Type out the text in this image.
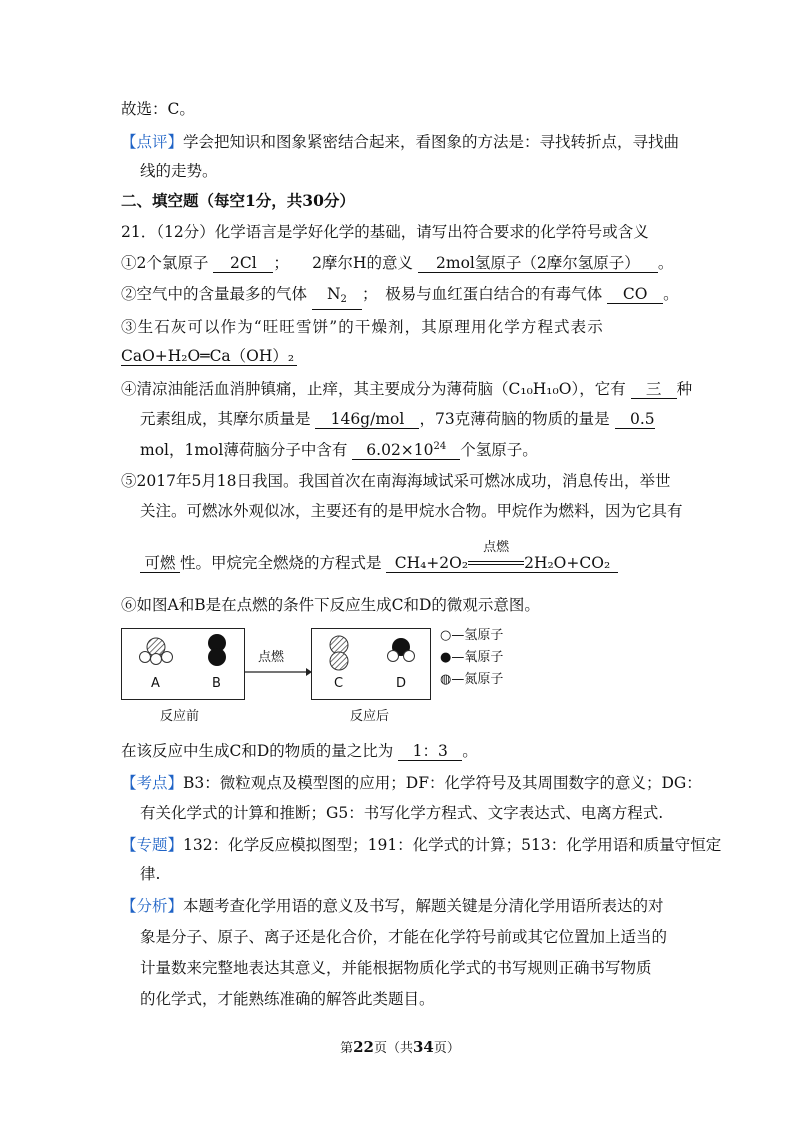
故选：C。
【点评】学会把知识和图象紧密结合起来，看图象的方法是：寻找转折点，寻找曲
线的走势。
二、填空题（每空1分，共30分）
21．（12分）化学语言是学好化学的基础，请写出符合要求的化学符号或含义
①2个氯原子 2Cl ；　　2摩尔H的意义 2mol氢原子（2摩尔氢原子） 。
②空气中的含量最多的气体 $N_2$ ；　极易与血红蛋白结合的有毒气体 CO 。
③生石灰可以作为“旺旺雪饼”的干燥剂，其原理用化学方程式表示
CaO+H₂O═Ca（OH）₂
④清凉油能活血消肿镇痛，止痒，其主要成分为薄荷脑（C₁₀H₁₀O），它有 三 种
元素组成，其摩尔质量是 146g/mol ，73克薄荷脑的物质的量是 0.5
mol，1mol薄荷脑分子中含有 $6.02\times 10^{24}$ 个氢原子。
⑤2017年5月18日我国。我国首次在南海海域试采可燃冰成功，消息传出，举世
关注。可燃冰外观似冰，主要还有的是甲烷水合物。甲烷作为燃料，因为它具有
可燃 性。甲烷完全燃烧的方程式是 CH₄+2O₂
点燃
2H₂O+CO₂
⑥如图A和B是在点燃的条件下反应生成C和D的微观示意图。
A	B
反应前
点燃
C	D
反应后
○—氢原子
●—氧原子
◍—氮原子
在该反应中生成C和D的物质的量之比为 1：3 。
【考点】B3：微粒观点及模型图的应用；DF：化学符号及其周围数字的意义；DG：
有关化学式的计算和推断；G5：书写化学方程式、文字表达式、电离方程式.
【专题】132：化学反应模拟图型；191：化学式的计算；513：化学用语和质量守恒定
律.
【分析】本题考查化学用语的意义及书写，解题关键是分清化学用语所表达的对
象是分子、原子、离子还是化合价，才能在化学符号前或其它位置加上适当的
计量数来完整地表达其意义，并能根据物质化学式的书写规则正确书写物质
的化学式，才能熟练准确的解答此类题目。
第22页（共34页）
